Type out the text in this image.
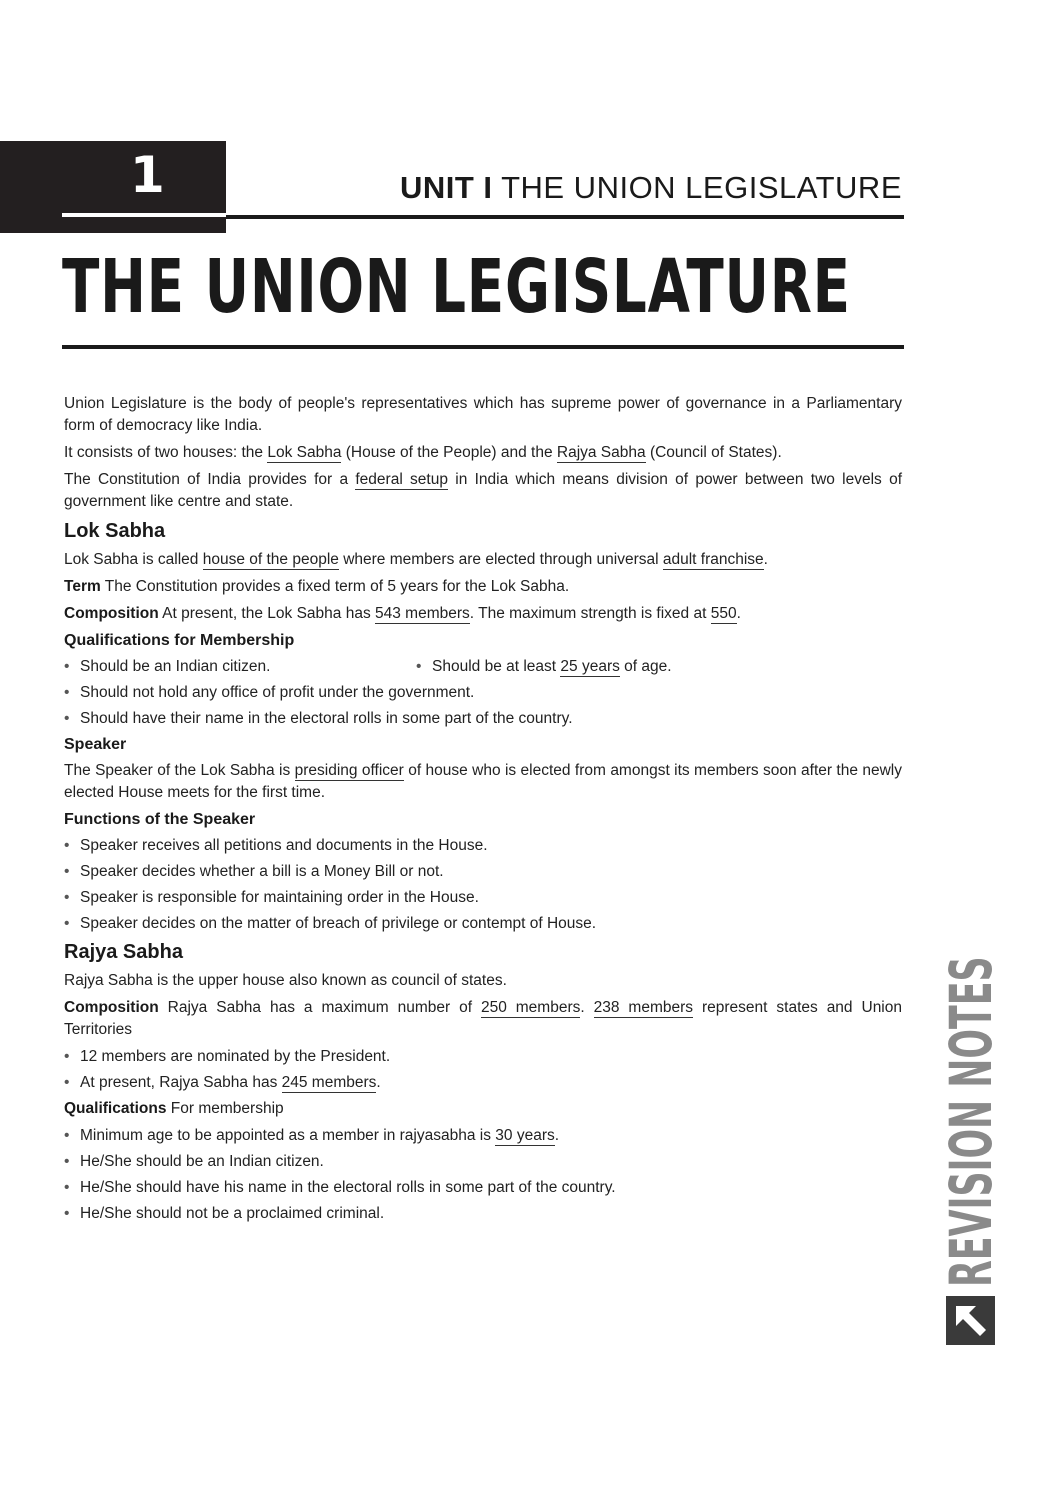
1	UNIT I THE UNION LEGISLATURE
THE UNION LEGISLATURE

Union Legislature is the body of people's representatives which has supreme power of governance in a Parliamentary form of democracy like India.

It consists of two houses: the Lok Sabha (House of the People) and the Rajya Sabha (Council of States).

The Constitution of India provides for a federal setup in India which means division of power between two levels of government like centre and state.

Lok Sabha

Lok Sabha is called house of the people where members are elected through universal adult franchise.

Term The Constitution provides a fixed term of 5 years for the Lok Sabha.

Composition At present, the Lok Sabha has 543 members. The maximum strength is fixed at 550.

Qualifications for Membership
• Should be an Indian citizen.
•	Should be at least 25 years of age.
• Should not hold any office of profit under the government.
• Should have their name in the electoral rolls in some part of the country.
Speaker

The Speaker of the Lok Sabha is presiding officer of house who is elected from amongst its members soon after the newly elected House meets for the first time.

Functions of the Speaker
• Speaker receives all petitions and documents in the House.
• Speaker decides whether a bill is a Money Bill or not.
• Speaker is responsible for maintaining order in the House.
• Speaker decides on the matter of breach of privilege or contempt of House.
Rajya Sabha

Rajya Sabha is the upper house also known as council of states.

Composition Rajya Sabha has a maximum number of 250 members. 238 members represent states and Union Territories

• 12 members are nominated by the President.
• At present, Rajya Sabha has 245 members.

Qualifications For membership

• Minimum age to be appointed as a member in rajyasabha is 30 years.
• He/She should be an Indian citizen.
• He/She should have his name in the electoral rolls in some part of the country.
• He/She should not be a proclaimed criminal.	REVISION NOTES
